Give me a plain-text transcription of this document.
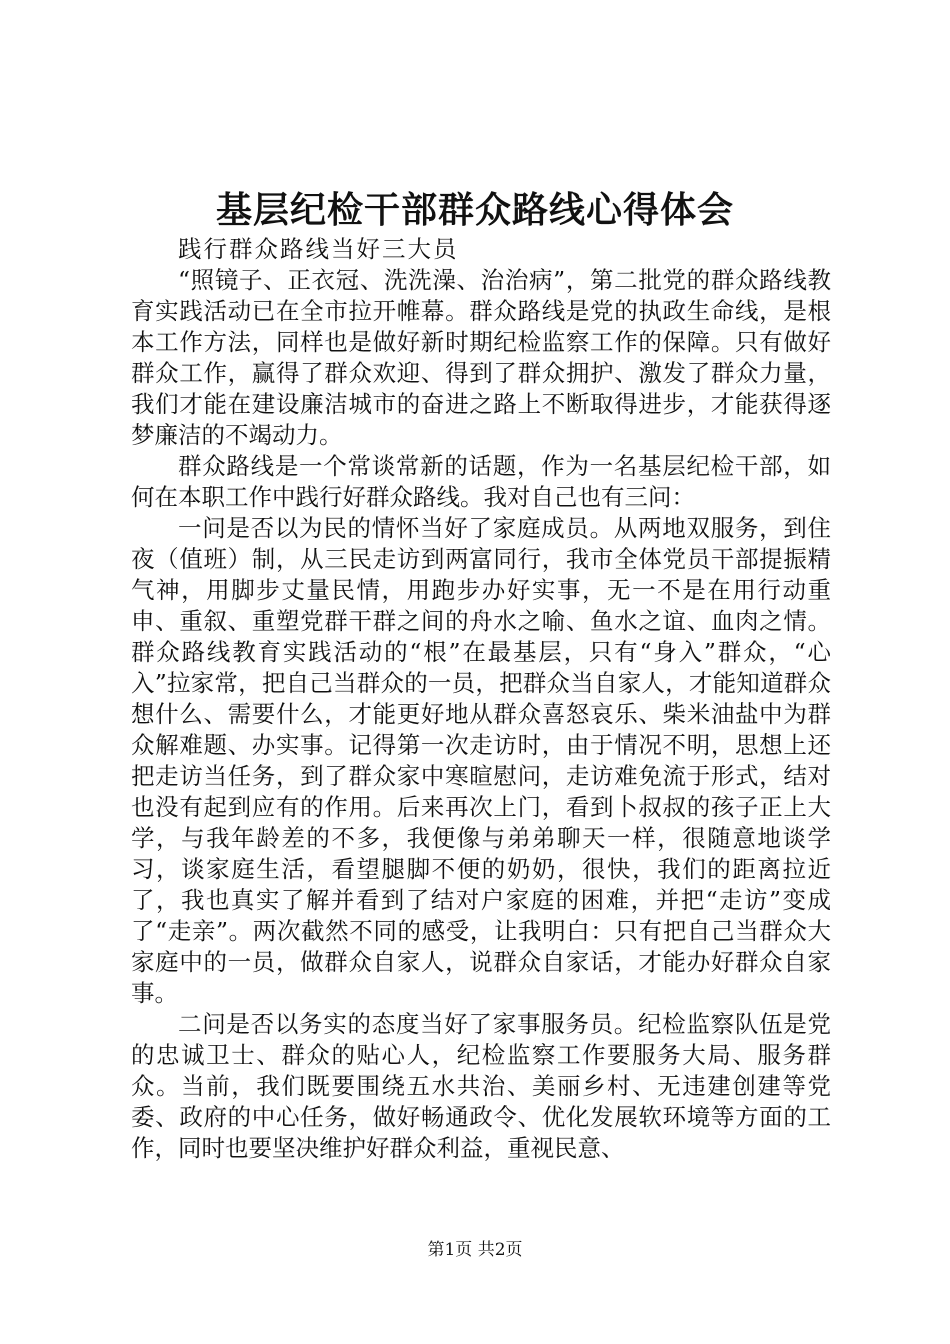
基层纪检干部群众路线心得体会
践行群众路线当好三大员

“照镜子、正衣冠、洗洗澡、治治病”，第二批党的群众路线教育实践活动已在全市拉开帷幕。群众路线是党的执政生命线，是根本工作方法，同样也是做好新时期纪检监察工作的保障。只有做好群众工作，赢得了群众欢迎、得到了群众拥护、激发了群众力量，我们才能在建设廉洁城市的奋进之路上不断取得进步，才能获得逐梦廉洁的不竭动力。

群众路线是一个常谈常新的话题，作为一名基层纪检干部，如何在本职工作中践行好群众路线。我对自己也有三问：

一问是否以为民的情怀当好了家庭成员。从两地双服务，到住夜（值班）制，从三民走访到两富同行，我市全体党员干部提振精气神，用脚步丈量民情，用跑步办好实事，无一不是在用行动重申、重叙、重塑党群干群之间的舟水之喻、鱼水之谊、血肉之情。群众路线教育实践活动的“根”在最基层，只有“身入”群众，“心入”拉家常，把自己当群众的一员，把群众当自家人，才能知道群众想什么、需要什么，才能更好地从群众喜怒哀乐、柴米油盐中为群众解难题、办实事。记得第一次走访时，由于情况不明，思想上还把走访当任务，到了群众家中寒暄慰问，走访难免流于形式，结对也没有起到应有的作用。后来再次上门，看到卜叔叔的孩子正上大学，与我年龄差的不多，我便像与弟弟聊天一样，很随意地谈学习，谈家庭生活，看望腿脚不便的奶奶，很快，我们的距离拉近了，我也真实了解并看到了结对户家庭的困难，并把“走访”变成了“走亲”。两次截然不同的感受，让我明白：只有把自己当群众大家庭中的一员，做群众自家人，说群众自家话，才能办好群众自家事。

二问是否以务实的态度当好了家事服务员。纪检监察队伍是党的忠诚卫士、群众的贴心人，纪检监察工作要服务大局、服务群众。当前，我们既要围绕五水共治、美丽乡村、无违建创建等党委、政府的中心任务，做好畅通政令、优化发展软环境等方面的工作，同时也要坚决维护好群众利益，重视民意、

第1页 共2页
